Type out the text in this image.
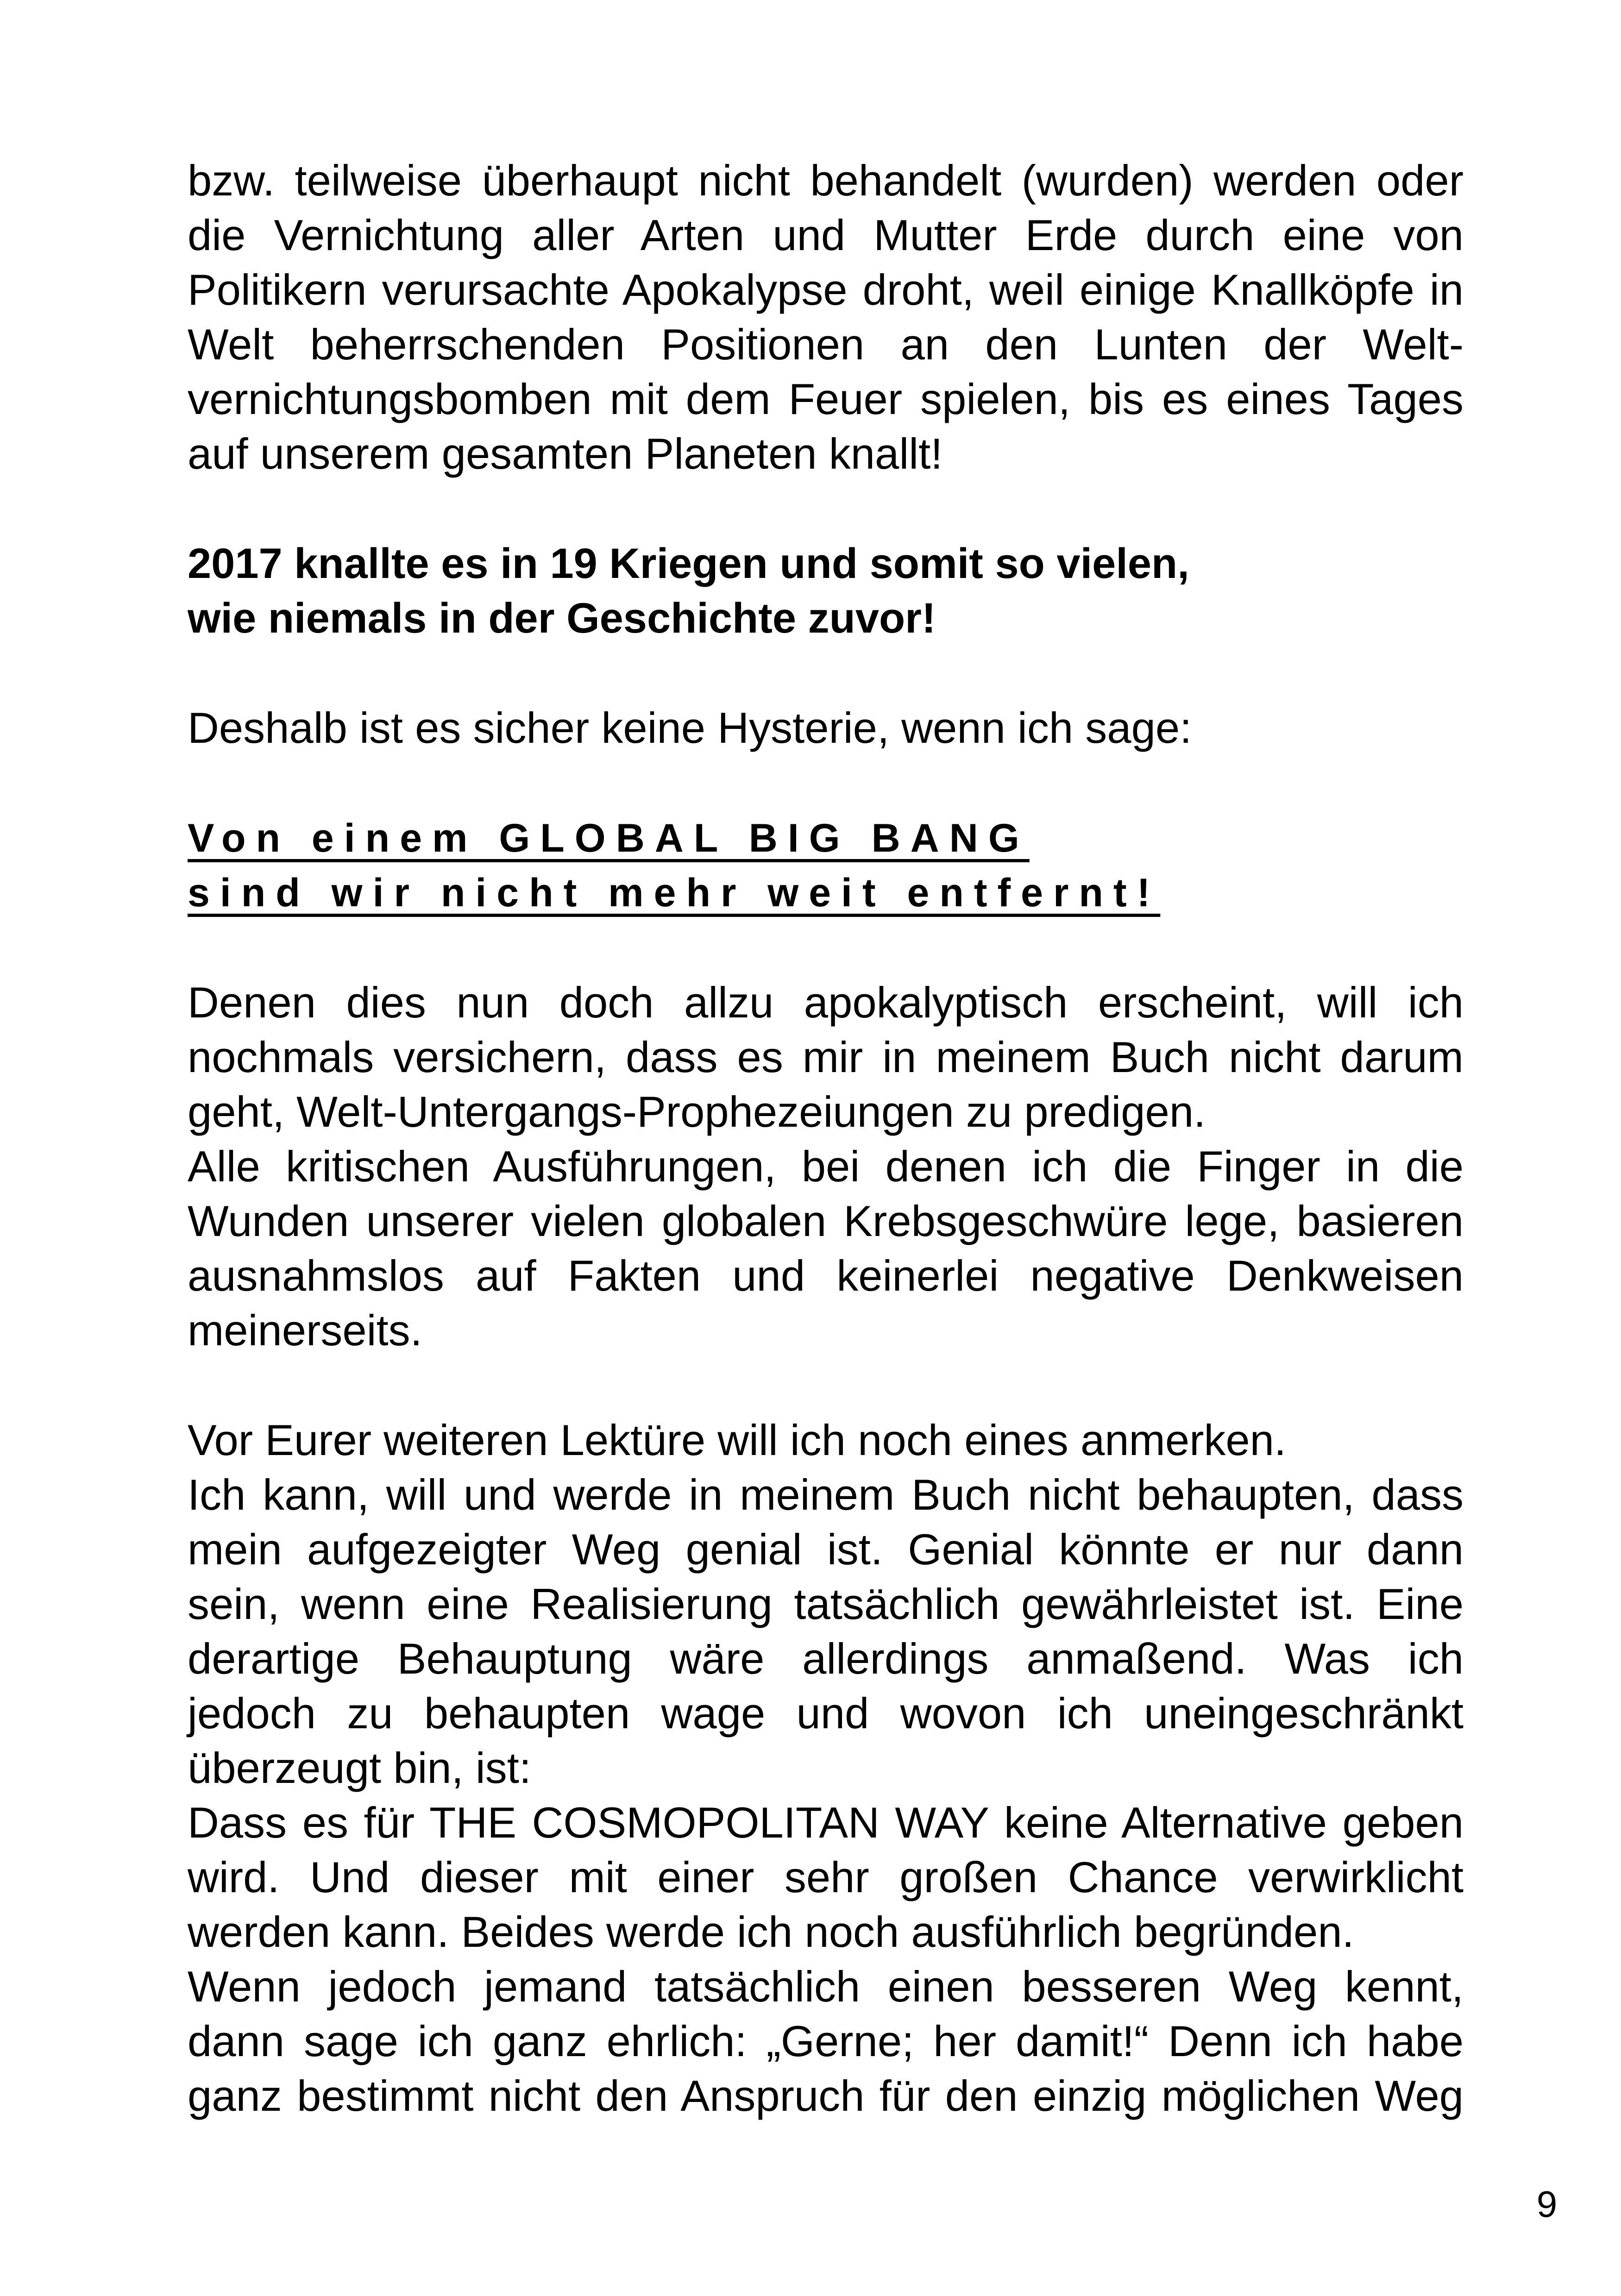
bzw. teilweise überhaupt nicht behandelt (wurden) werden oder
die Vernichtung aller Arten und Mutter Erde durch eine von
Politikern verursachte Apokalypse droht, weil einige Knallköpfe in
Welt beherrschenden Positionen an den Lunten der Welt-
vernichtungsbomben mit dem Feuer spielen, bis es eines Tages
auf unserem gesamten Planeten knallt!
2017 knallte es in 19 Kriegen und somit so vielen,
wie niemals in der Geschichte zuvor!
Deshalb ist es sicher keine Hysterie, wenn ich sage:
Von einem GLOBAL BIG BANG
sind wir nicht mehr weit entfernt!
Denen dies nun doch allzu apokalyptisch erscheint, will ich
nochmals versichern, dass es mir in meinem Buch nicht darum
geht, Welt-Untergangs-Prophezeiungen zu predigen.
Alle kritischen Ausführungen, bei denen ich die Finger in die
Wunden unserer vielen globalen Krebsgeschwüre lege, basieren
ausnahmslos auf Fakten und keinerlei negative Denkweisen
meinerseits.
Vor Eurer weiteren Lektüre will ich noch eines anmerken.
Ich kann, will und werde in meinem Buch nicht behaupten, dass
mein aufgezeigter Weg genial ist. Genial könnte er nur dann
sein, wenn eine Realisierung tatsächlich gewährleistet ist. Eine
derartige Behauptung wäre allerdings anmaßend. Was ich
jedoch zu behaupten wage und wovon ich uneingeschränkt
überzeugt bin, ist:
Dass es für THE COSMOPOLITAN WAY keine Alternative geben
wird. Und dieser mit einer sehr großen Chance verwirklicht
werden kann. Beides werde ich noch ausführlich begründen.
Wenn jedoch jemand tatsächlich einen besseren Weg kennt,
dann sage ich ganz ehrlich: „Gerne; her damit!“ Denn ich habe
ganz bestimmt nicht den Anspruch für den einzig möglichen Weg
9
